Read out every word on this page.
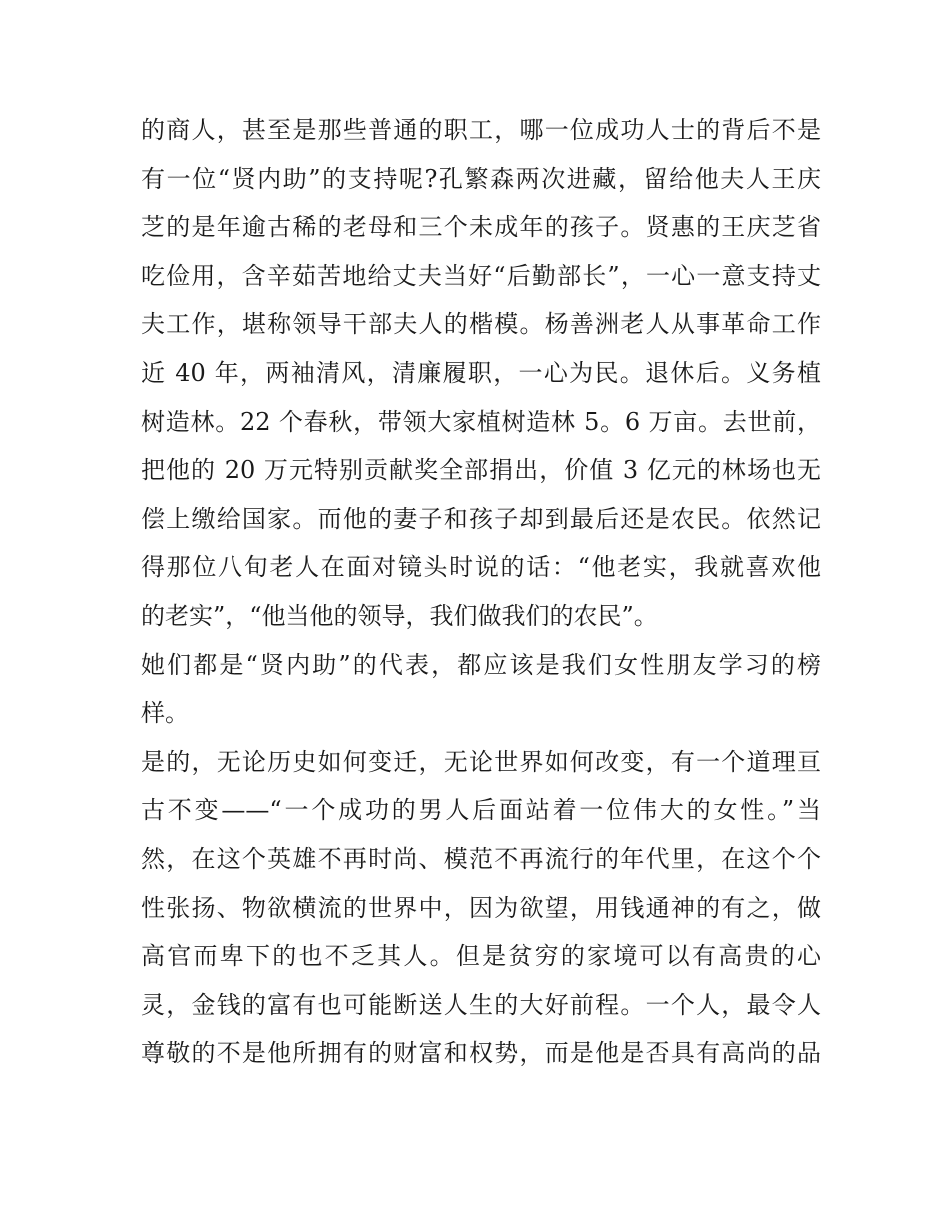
的商人，甚至是那些普通的职工，哪一位成功人士的背后不是
有一位“贤内助”的支持呢?孔繁森两次进藏，留给他夫人王庆
芝的是年逾古稀的老母和三个未成年的孩子。贤惠的王庆芝省
吃俭用，含辛茹苦地给丈夫当好“后勤部长”，一心一意支持丈
夫工作，堪称领导干部夫人的楷模。杨善洲老人从事革命工作
近 40 年，两袖清风，清廉履职，一心为民。退休后。义务植
树造林。22 个春秋，带领大家植树造林 5。6 万亩。去世前，
把他的 20 万元特别贡献奖全部捐出，价值 3 亿元的林场也无
偿上缴给国家。而他的妻子和孩子却到最后还是农民。依然记
得那位八旬老人在面对镜头时说的话：“他老实，我就喜欢他
的老实”，“他当他的领导，我们做我们的农民”。
她们都是“贤内助”的代表，都应该是我们女性朋友学习的榜
样。
是的，无论历史如何变迁，无论世界如何改变，有一个道理亘
古不变——“一个成功的男人后面站着一位伟大的女性。”当
然，在这个英雄不再时尚、模范不再流行的年代里，在这个个
性张扬、物欲横流的世界中，因为欲望，用钱通神的有之，做
高官而卑下的也不乏其人。但是贫穷的家境可以有高贵的心
灵，金钱的富有也可能断送人生的大好前程。一个人，最令人
尊敬的不是他所拥有的财富和权势，而是他是否具有高尚的品
